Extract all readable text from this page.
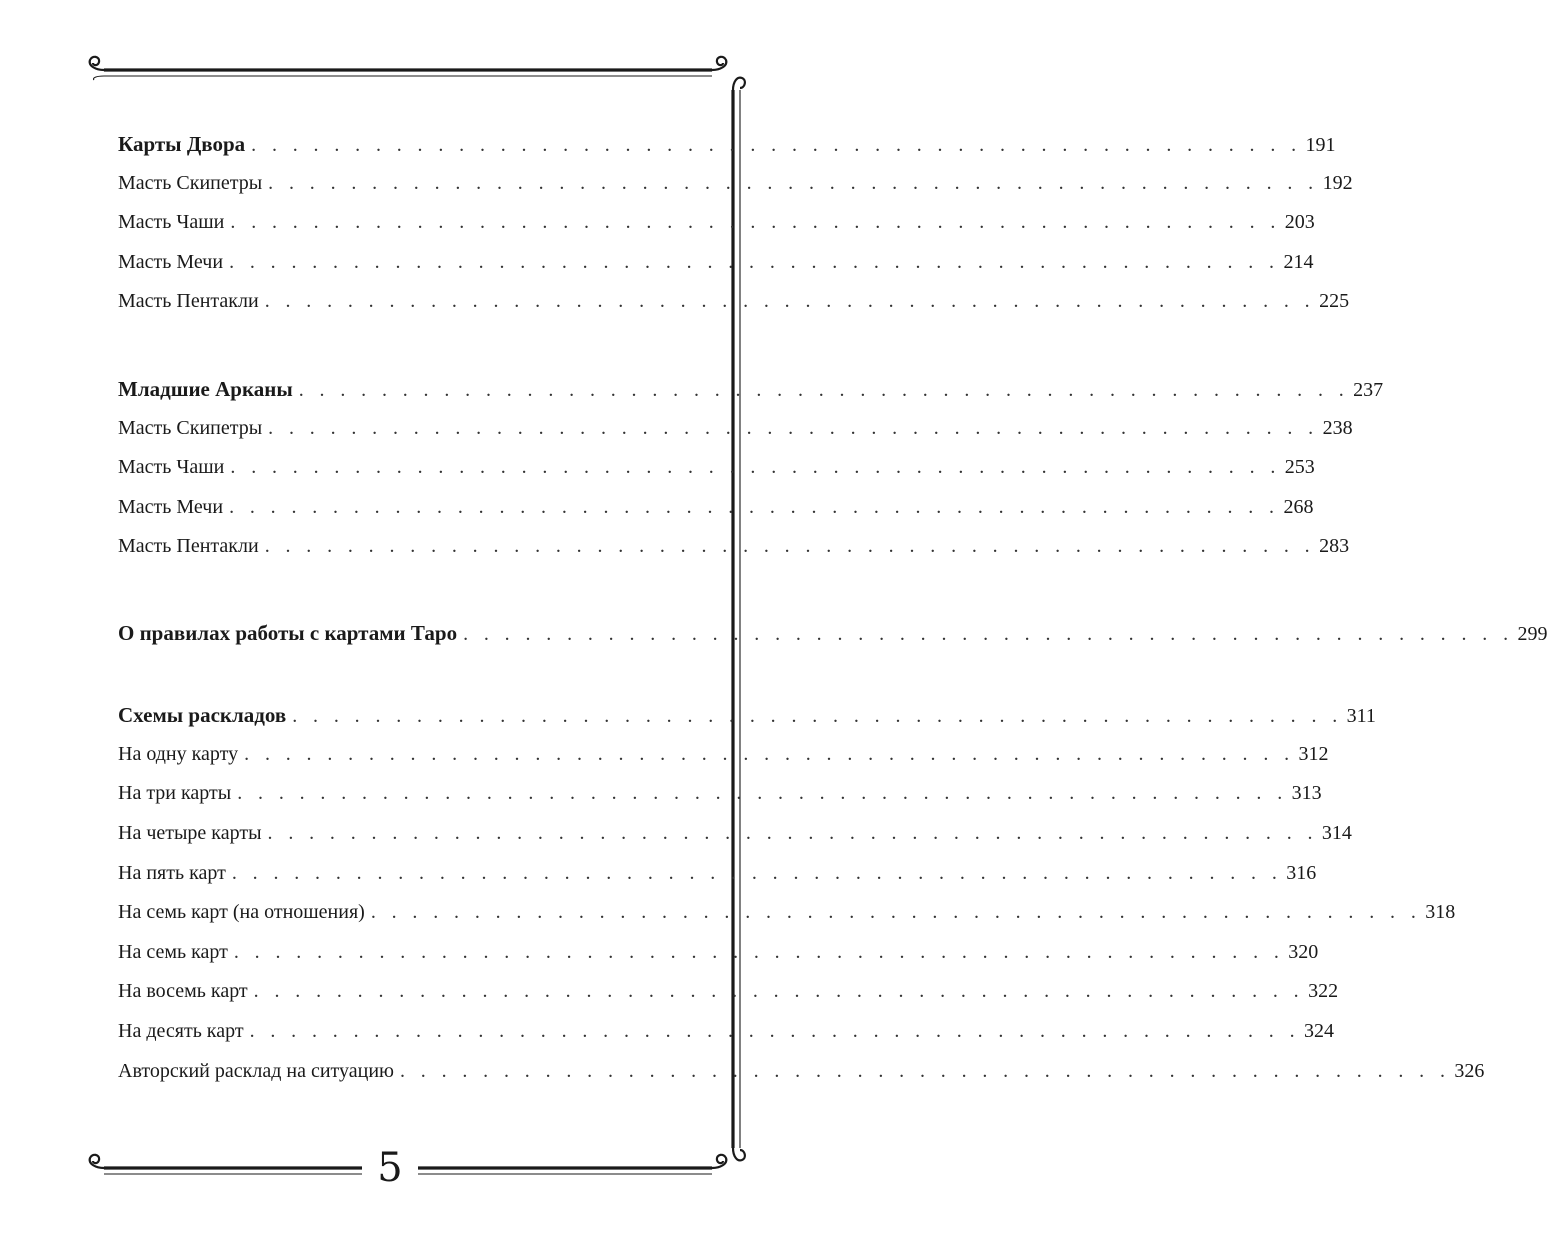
Карты Двора . . . . . . . . . . . . . . . . . . . . . . . . . . . . . . . . . . . . . . . . . . . . . . . . . . . 191
Масть Скипетры . . . . . . . . . . . . . . . . . . . . . . . . . . . . . . . . . . . . . . . . . . . . . . . . . . . 192
Масть Чаши . . . . . . . . . . . . . . . . . . . . . . . . . . . . . . . . . . . . . . . . . . . . . . . . . . . 203
Масть Мечи . . . . . . . . . . . . . . . . . . . . . . . . . . . . . . . . . . . . . . . . . . . . . . . . . . . 214
Масть Пентакли . . . . . . . . . . . . . . . . . . . . . . . . . . . . . . . . . . . . . . . . . . . . . . . . . . . 225
Младшие Арканы . . . . . . . . . . . . . . . . . . . . . . . . . . . . . . . . . . . . . . . . . . . . . . . . . . . 237
Масть Скипетры . . . . . . . . . . . . . . . . . . . . . . . . . . . . . . . . . . . . . . . . . . . . . . . . . . . 238
Масть Чаши . . . . . . . . . . . . . . . . . . . . . . . . . . . . . . . . . . . . . . . . . . . . . . . . . . . 253
Масть Мечи . . . . . . . . . . . . . . . . . . . . . . . . . . . . . . . . . . . . . . . . . . . . . . . . . . . 268
Масть Пентакли . . . . . . . . . . . . . . . . . . . . . . . . . . . . . . . . . . . . . . . . . . . . . . . . . . . 283
О правилах работы с картами Таро . . . . . . . . . . . . . . . . . . . . . . . . . . . . . . . . . . . . . . . . . . . . . . . . . . . 299
Схемы раскладов . . . . . . . . . . . . . . . . . . . . . . . . . . . . . . . . . . . . . . . . . . . . . . . . . . . 311
На одну карту . . . . . . . . . . . . . . . . . . . . . . . . . . . . . . . . . . . . . . . . . . . . . . . . . . . 312
На три карты . . . . . . . . . . . . . . . . . . . . . . . . . . . . . . . . . . . . . . . . . . . . . . . . . . . 313
На четыре карты . . . . . . . . . . . . . . . . . . . . . . . . . . . . . . . . . . . . . . . . . . . . . . . . . . . 314
На пять карт . . . . . . . . . . . . . . . . . . . . . . . . . . . . . . . . . . . . . . . . . . . . . . . . . . . 316
На семь карт (на отношения) . . . . . . . . . . . . . . . . . . . . . . . . . . . . . . . . . . . . . . . . . . . . . . . . . . . 318
На семь карт . . . . . . . . . . . . . . . . . . . . . . . . . . . . . . . . . . . . . . . . . . . . . . . . . . . 320
На восемь карт . . . . . . . . . . . . . . . . . . . . . . . . . . . . . . . . . . . . . . . . . . . . . . . . . . . 322
На десять карт . . . . . . . . . . . . . . . . . . . . . . . . . . . . . . . . . . . . . . . . . . . . . . . . . . . 324
Авторский расклад на ситуацию . . . . . . . . . . . . . . . . . . . . . . . . . . . . . . . . . . . . . . . . . . . . . . . . . . . 326
5
